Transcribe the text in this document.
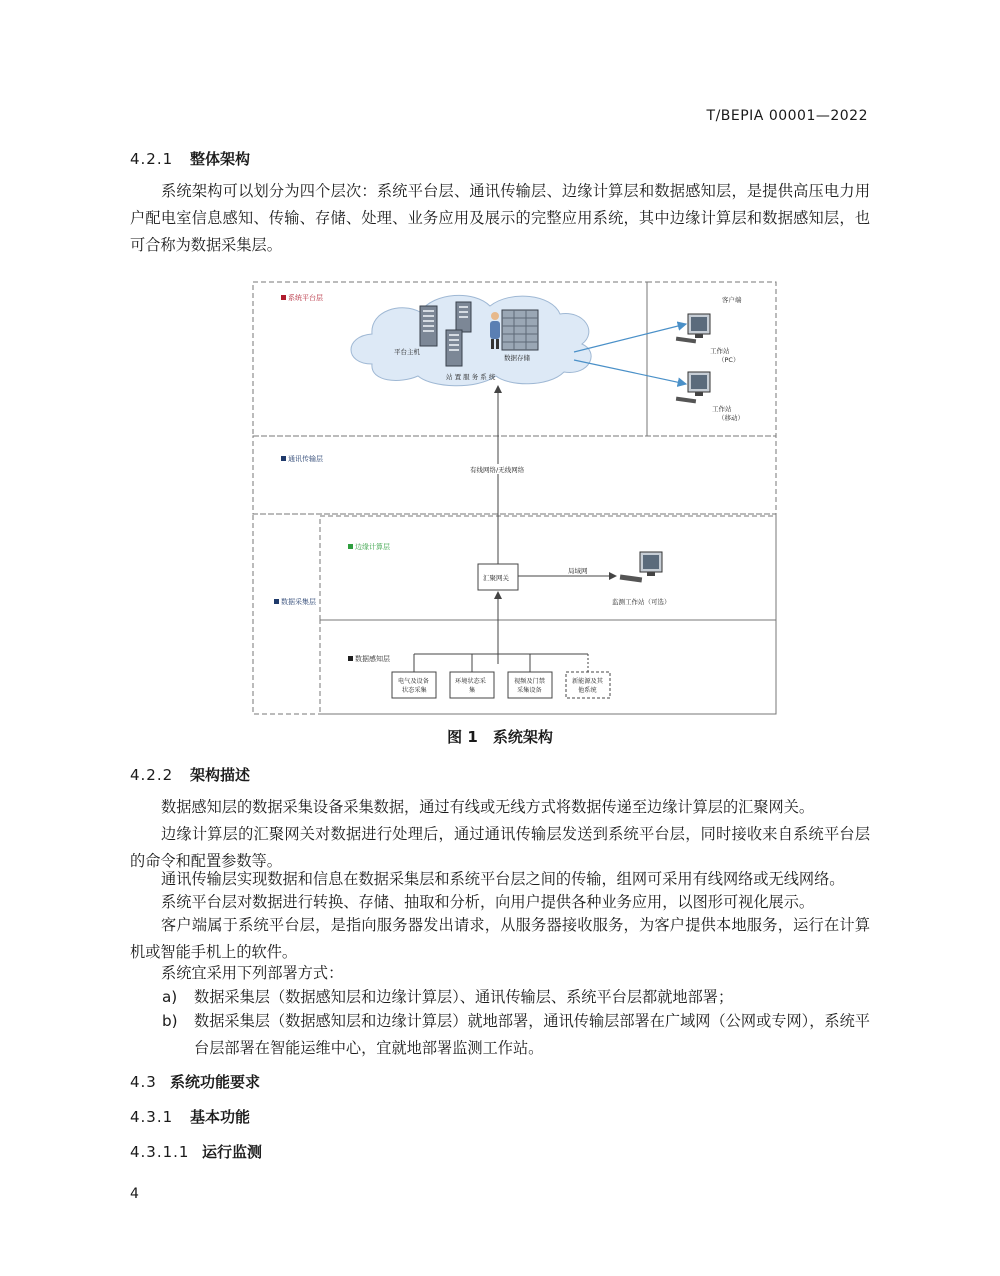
T/BEPIA 00001—2022
4.2.1 整体架构

系统架构可以划分为四个层次：系统平台层、通讯传输层、边缘计算层和数据感知层，是提供高压电力用户配电室信息感知、传输、存储、处理、业务应用及展示的完整应用系统，其中边缘计算层和数据感知层，也可合称为数据采集层。

系统平台层
通讯传输层
边缘计算层
数据采集层
数据感知层
平台主机
数据存储
站 置 服 务 系 统
客户端
工作站
（PC）
工作站
（移动）
有线网络/无线网络
汇聚网关
局域网
监测工作站（可选）
电气及设备
状态采集
环境状态采
集
视频及门禁
采集设备
新能源及其
他系统
图 1　系统架构
4.2.2 架构描述

数据感知层的数据采集设备采集数据，通过有线或无线方式将数据传递至边缘计算层的汇聚网关。

边缘计算层的汇聚网关对数据进行处理后，通过通讯传输层发送到系统平台层，同时接收来自系统平台层的命令和配置参数等。

通讯传输层实现数据和信息在数据采集层和系统平台层之间的传输，组网可采用有线网络或无线网络。

系统平台层对数据进行转换、存储、抽取和分析，向用户提供各种业务应用，以图形可视化展示。

客户端属于系统平台层，是指向服务器发出请求，从服务器接收服务，为客户提供本地服务，运行在计算机或智能手机上的软件。

系统宜采用下列部署方式：

a) 数据采集层（数据感知层和边缘计算层）、通讯传输层、系统平台层都就地部署；
b) 数据采集层（数据感知层和边缘计算层）就地部署，通讯传输层部署在广域网（公网或专网），系统平台层部署在智能运维中心，宜就地部署监测工作站。
4.3 系统功能要求
4.3.1 基本功能
4.3.1.1 运行监测
4
